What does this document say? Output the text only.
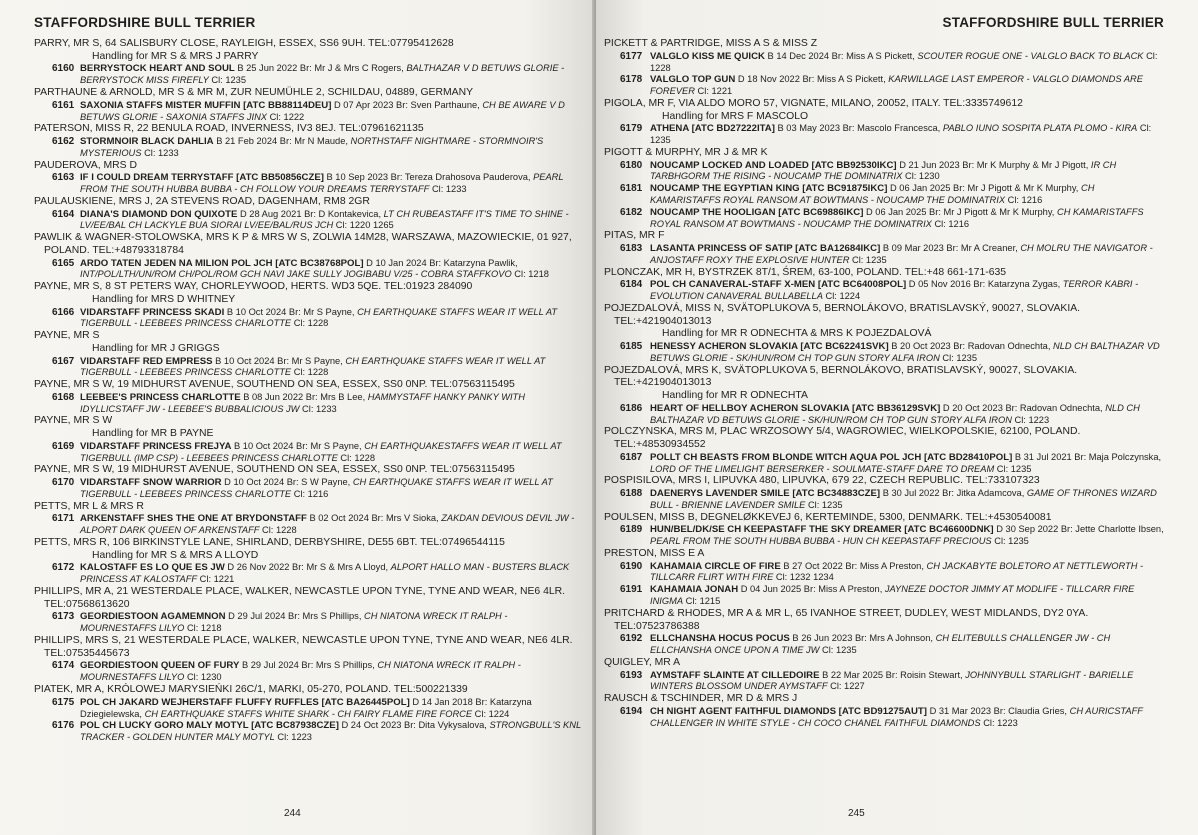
STAFFORDSHIRE BULL TERRIER
PARRY, MR S, 64 SALISBURY CLOSE, RAYLEIGH, ESSEX, SS6 9UH. TEL:07795412628
Handling for MR S & MRS J PARRY
6160 BERRYSTOCK HEART AND SOUL B 25 Jun 2022 Br: Mr J & Mrs C Rogers, BALTHAZAR V D BETUWS GLORIE - BERRYSTOCK MISS FIREFLY Cl: 1235
PARTHAUNE & ARNOLD, MR S & MR M, ZUR NEUMÜHLE 2, SCHILDAU, 04889, GERMANY
6161 SAXONIA STAFFS MISTER MUFFIN [ATC BB88114DEU] D 07 Apr 2023 Br: Sven Parthaune, CH BE AWARE V D BETUWS GLORIE - SAXONIA STAFFS JINX Cl: 1222
PATERSON, MISS R, 22 BENULA ROAD, INVERNESS, IV3 8EJ. TEL:07961621135
6162 STORMNOIR BLACK DAHLIA B 21 Feb 2024 Br: Mr N Maude, NORTHSTAFF NIGHTMARE - STORMNOIR'S MYSTERIOUS Cl: 1233
PAUDEROVA, MRS D
6163 IF I COULD DREAM TERRYSTAFF [ATC BB50856CZE] B 10 Sep 2023 Br: Tereza Drahosova Pauderova, PEARL FROM THE SOUTH HUBBA BUBBA - CH FOLLOW YOUR DREAMS TERRYSTAFF Cl: 1233
PAULAUSKIENE, MRS J, 2A STEVENS ROAD, DAGENHAM, RM8 2GR
6164 DIANA'S DIAMOND DON QUIXOTE D 28 Aug 2021 Br: D Kontakevica, LT CH RUBEASTAFF IT'S TIME TO SHINE - LV/EE/BAL CH LACKYLE BUA SIORAI LV/EE/BAL/RUS JCH Cl: 1220 1265
PAWLIK & WAGNER-STOLOWSKA, MRS K P & MRS W S, ZOLWIA 14M28, WARSZAWA, MAZOWIECKIE, 01 927, POLAND. TEL:+48793318784
6165 ARDO TATEN JEDEN NA MILION POL JCH [ATC BC38768POL] D 10 Jan 2024 Br: Katarzyna Pawlik, INT/POL/LTH/UN/ROM CH/POL/ROM GCH NAVI JAKE SULLY JOGIBABU V/25 - COBRA STAFFKOVO Cl: 1218
PAYNE, MR S, 8 ST PETERS WAY, CHORLEYWOOD, HERTS. WD3 5QE. TEL:01923 284090
Handling for MRS D WHITNEY
6166 VIDARSTAFF PRINCESS SKADI B 10 Oct 2024 Br: Mr S Payne, CH EARTHQUAKE STAFFS WEAR IT WELL AT TIGERBULL - LEEBEES PRINCESS CHARLOTTE Cl: 1228
PAYNE, MR S
Handling for MR J GRIGGS
6167 VIDARSTAFF RED EMPRESS B 10 Oct 2024 Br: Mr S Payne, CH EARTHQUAKE STAFFS WEAR IT WELL AT TIGERBULL - LEEBEES PRINCESS CHARLOTTE Cl: 1228
PAYNE, MR S W, 19 MIDHURST AVENUE, SOUTHEND ON SEA, ESSEX, SS0 0NP. TEL:07563115495
6168 LEEBEE'S PRINCESS CHARLOTTE B 08 Jun 2022 Br: Mrs B Lee, HAMMYSTAFF HANKY PANKY WITH IDYLLICSTAFF JW - LEEBEE'S BUBBALICIOUS JW Cl: 1233
PAYNE, MR S W
Handling for MR B PAYNE
6169 VIDARSTAFF PRINCESS FREJYA B 10 Oct 2024 Br: Mr S Payne, CH EARTHQUAKESTAFFS WEAR IT WELL AT TIGERBULL (IMP CSP) - LEEBEES PRINCESS CHARLOTTE Cl: 1228
PAYNE, MR S W, 19 MIDHURST AVENUE, SOUTHEND ON SEA, ESSEX, SS0 0NP. TEL:07563115495
6170 VIDARSTAFF SNOW WARRIOR D 10 Oct 2024 Br: S W Payne, CH EARTHQUAKE STAFFS WEAR IT WELL AT TIGERBULL - LEEBEES PRINCESS CHARLOTTE Cl: 1216
PETTS, MR L & MRS R
6171 ARKENSTAFF SHES THE ONE AT BRYDONSTAFF B 02 Oct 2024 Br: Mrs V Sioka, ZAKDAN DEVIOUS DEVIL JW - ALPORT DARK QUEEN OF ARKENSTAFF Cl: 1228
PETTS, MRS R, 106 BIRKINSTYLE LANE, SHIRLAND, DERBYSHIRE, DE55 6BT. TEL:07496544115
Handling for MR S & MRS A LLOYD
6172 KALOSTAFF ES LO QUE ES JW D 26 Nov 2022 Br: Mr S & Mrs A Lloyd, ALPORT HALLO MAN - BUSTERS BLACK PRINCESS AT KALOSTAFF Cl: 1221
PHILLIPS, MR A, 21 WESTERDALE PLACE, WALKER, NEWCASTLE UPON TYNE, TYNE AND WEAR, NE6 4LR. TEL:07568613620
6173 GEORDIESTOON AGAMEMNON D 29 Jul 2024 Br: Mrs S Phillips, CH NIATONA WRECK IT RALPH - MOURNESTAFFS LILYO Cl: 1218
PHILLIPS, MRS S, 21 WESTERDALE PLACE, WALKER, NEWCASTLE UPON TYNE, TYNE AND WEAR, NE6 4LR. TEL:07535445673
6174 GEORDIESTOON QUEEN OF FURY B 29 Jul 2024 Br: Mrs S Phillips, CH NIATONA WRECK IT RALPH - MOURNESTAFFS LILYO Cl: 1230
PIATEK, MR A, KRÓLOWEJ MARYSIEŃKI 26C/1, MARKI, 05-270, POLAND. TEL:500221339
6175 POL CH JAKARD WEJHERSTAFF FLUFFY RUFFLES [ATC BA26445POL] D 14 Jan 2018 Br: Katarzyna Dziegielewska, CH EARTHQUAKE STAFFS WHITE SHARK - CH FAIRY FLAME FIRE FORCE Cl: 1224
6176 POL CH LUCKY GORO MALY MOTYL [ATC BC87938CZE] D 24 Oct 2023 Br: Dita Vykysalova, STRONGBULL'S KNL TRACKER - GOLDEN HUNTER MALY MOTYL Cl: 1223
244
STAFFORDSHIRE BULL TERRIER
PICKETT & PARTRIDGE, MISS A S & MISS Z
6177 VALGLO KISS ME QUICK B 14 Dec 2024 Br: Miss A S Pickett, SCOUTER ROGUE ONE - VALGLO BACK TO BLACK Cl: 1228
6178 VALGLO TOP GUN D 18 Nov 2022 Br: Miss A S Pickett, KARWILLAGE LAST EMPEROR - VALGLO DIAMONDS ARE FOREVER Cl: 1221
PIGOLA, MR F, VIA ALDO MORO 57, VIGNATE, MILANO, 20052, ITALY. TEL:3335749612
Handling for MRS F MASCOLO
6179 ATHENA [ATC BD27222ITA] B 03 May 2023 Br: Mascolo Francesca, PABLO IUNO SOSPITA PLATA PLOMO - KIRA Cl: 1235
PIGOTT & MURPHY, MR J & MR K
6180 NOUCAMP LOCKED AND LOADED [ATC BB92530IKC] D 21 Jun 2023 Br: Mr K Murphy & Mr J Pigott, IR CH TARBHGORM THE RISING - NOUCAMP THE DOMINATRIX Cl: 1230
6181 NOUCAMP THE EGYPTIAN KING [ATC BC91875IKC] D 06 Jan 2025 Br: Mr J Pigott & Mr K Murphy, CH KAMARISTAFFS ROYAL RANSOM AT BOWTMANS - NOUCAMP THE DOMINATRIX Cl: 1216
6182 NOUCAMP THE HOOLIGAN [ATC BC69886IKC] D 06 Jan 2025 Br: Mr J Pigott & Mr K Murphy, CH KAMARISTAFFS ROYAL RANSOM AT BOWTMANS - NOUCAMP THE DOMINATRIX Cl: 1216
PITAS, MR F
6183 LASANTA PRINCESS OF SATIP [ATC BA12684IKC] B 09 Mar 2023 Br: Mr A Creaner, CH MOLRU THE NAVIGATOR - ANJOSTAFF ROXY THE EXPLOSIVE HUNTER Cl: 1235
PLONCZAK, MR H, BYSTRZEK 8T/1, ŚREM, 63-100, POLAND. TEL:+48 661-171-635
6184 POL CH CANAVERAL-STAFF X-MEN [ATC BC64008POL] D 05 Nov 2016 Br: Katarzyna Zygas, TERROR KABRI - EVOLUTION CANAVERAL BULLABELLA Cl: 1224
POJEZDALOVÁ, MISS N, SVÄTOPLUKOVA 5, BERNOLÁKOVO, BRATISLAVSKÝ, 90027, SLOVAKIA. TEL:+421904013013
Handling for MR R ODNECHTA & MRS K POJEZDALOVÁ
6185 HENESSY ACHERON SLOVAKIA [ATC BC62241SVK] B 20 Oct 2023 Br: Radovan Odnechta, NLD CH BALTHAZAR VD BETUWS GLORIE - SK/HUN/ROM CH TOP GUN STORY ALFA IRON Cl: 1235
POJEZDALOVÁ, MRS K, SVÄTOPLUKOVA 5, BERNOLÁKOVO, BRATISLAVSKÝ, 90027, SLOVAKIA. TEL:+421904013013
Handling for MR R ODNECHTA
6186 HEART OF HELLBOY ACHERON SLOVAKIA [ATC BB36129SVK] D 20 Oct 2023 Br: Radovan Odnechta, NLD CH BALTHAZAR VD BETUWS GLORIE - SK/HUN/ROM CH TOP GUN STORY ALFA IRON Cl: 1223
POLCZYNSKA, MRS M, PLAC WRZOSOWY 5/4, WAGROWIEC, WIELKOPOLSKIE, 62100, POLAND. TEL:+48530934552
6187 POLLT CH BEASTS FROM BLONDE WITCH AQUA POL JCH [ATC BD28410POL] B 31 Jul 2021 Br: Maja Polczynska, LORD OF THE LIMELIGHT BERSERKER - SOULMATE-STAFF DARE TO DREAM Cl: 1235
POSPISILOVA, MRS I, LIPUVKA 480, LIPUVKA, 679 22, CZECH REPUBLIC. TEL:733107323
6188 DAENERYS LAVENDER SMILE [ATC BC34883CZE] B 30 Jul 2022 Br: Jitka Adamcova, GAME OF THRONES WIZARD BULL - BRIENNE LAVENDER SMILE Cl: 1235
POULSEN, MISS B, DEGNELØKKEVEJ 6, KERTEMINDE, 5300, DENMARK. TEL:+4530540081
6189 HUN/BEL/DK/SE CH KEEPASTAFF THE SKY DREAMER [ATC BC46600DNK] D 30 Sep 2022 Br: Jette Charlotte Ibsen, PEARL FROM THE SOUTH HUBBA BUBBA - HUN CH KEEPASTAFF PRECIOUS Cl: 1235
PRESTON, MISS E A
6190 KAHAMAIA CIRCLE OF FIRE B 27 Oct 2022 Br: Miss A Preston, CH JACKABYTE BOLETORO AT NETTLEWORTH - TILLCARR FLIRT WITH FIRE Cl: 1232 1234
6191 KAHAMAIA JONAH D 04 Jun 2025 Br: Miss A Preston, JAYNEZE DOCTOR JIMMY AT MODLIFE - TILLCARR FIRE INIGMA Cl: 1215
PRITCHARD & RHODES, MR A & MR L, 65 IVANHOE STREET, DUDLEY, WEST MIDLANDS, DY2 0YA. TEL:07523786388
6192 ELLCHANSHA HOCUS POCUS B 26 Jun 2023 Br: Mrs A Johnson, CH ELITEBULLS CHALLENGER JW - CH ELLCHANSHA ONCE UPON A TIME JW Cl: 1235
QUIGLEY, MR A
6193 AYMSTAFF SLAINTE AT CILLEDOIRE B 22 Mar 2025 Br: Roisin Stewart, JOHNNYBULL STARLIGHT - BARIELLE WINTERS BLOSSOM UNDER AYMSTAFF Cl: 1227
RAUSCH & TSCHINDER, MR D & MRS J
6194 CH NIGHT AGENT FAITHFUL DIAMONDS [ATC BD91275AUT] D 31 Mar 2023 Br: Claudia Gries, CH AURICSTAFF CHALLENGER IN WHITE STYLE - CH COCO CHANEL FAITHFUL DIAMONDS Cl: 1223
245
